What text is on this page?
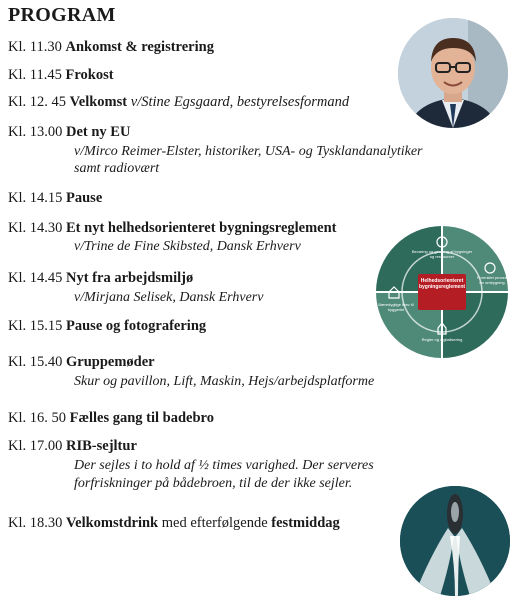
PROGRAM
Kl. 11.30 Ankomst & registrering
Kl. 11.45 Frokost
Kl. 12. 45 Velkomst v/Stine Egsgaard, bestyrelsesformand
Kl. 13.00 Det ny EU
v/Mirco Reimer-Elster, historiker, USA- og Tysklandanalytiker
samt radiovært
Kl. 14.15 Pause
Kl. 14.30 Et nyt helhedsorienteret bygningsreglement
v/Trine de Fine Skibsted, Dansk Erhverv
Kl. 14.45 Nyt fra arbejdsmiljø
v/Mirjana Selisek, Dansk Erhverv
Kl. 15.15 Pause og fotografering
Kl. 15.40 Gruppemøder
Skur og pavillon, Lift, Maskin, Hejs/arbejdsplatforme
Kl. 16. 50 Fælles gang til badebro
Kl. 17.00 RIB-sejltur
Der sejles i to hold af ½ times varighed. Der serveres
forfriskninger på bådebroen, til de der ikke sejler.
Kl. 18.30 Velkomstdrink med efterfølgende festmiddag
Helhedsorienteret bygningsreglement
Bevaring og genbrug af bygninger og ressourcer
Forenklet proces for ombygning
Regler og digitalisering
Bæredygtige krav til byggeriet
